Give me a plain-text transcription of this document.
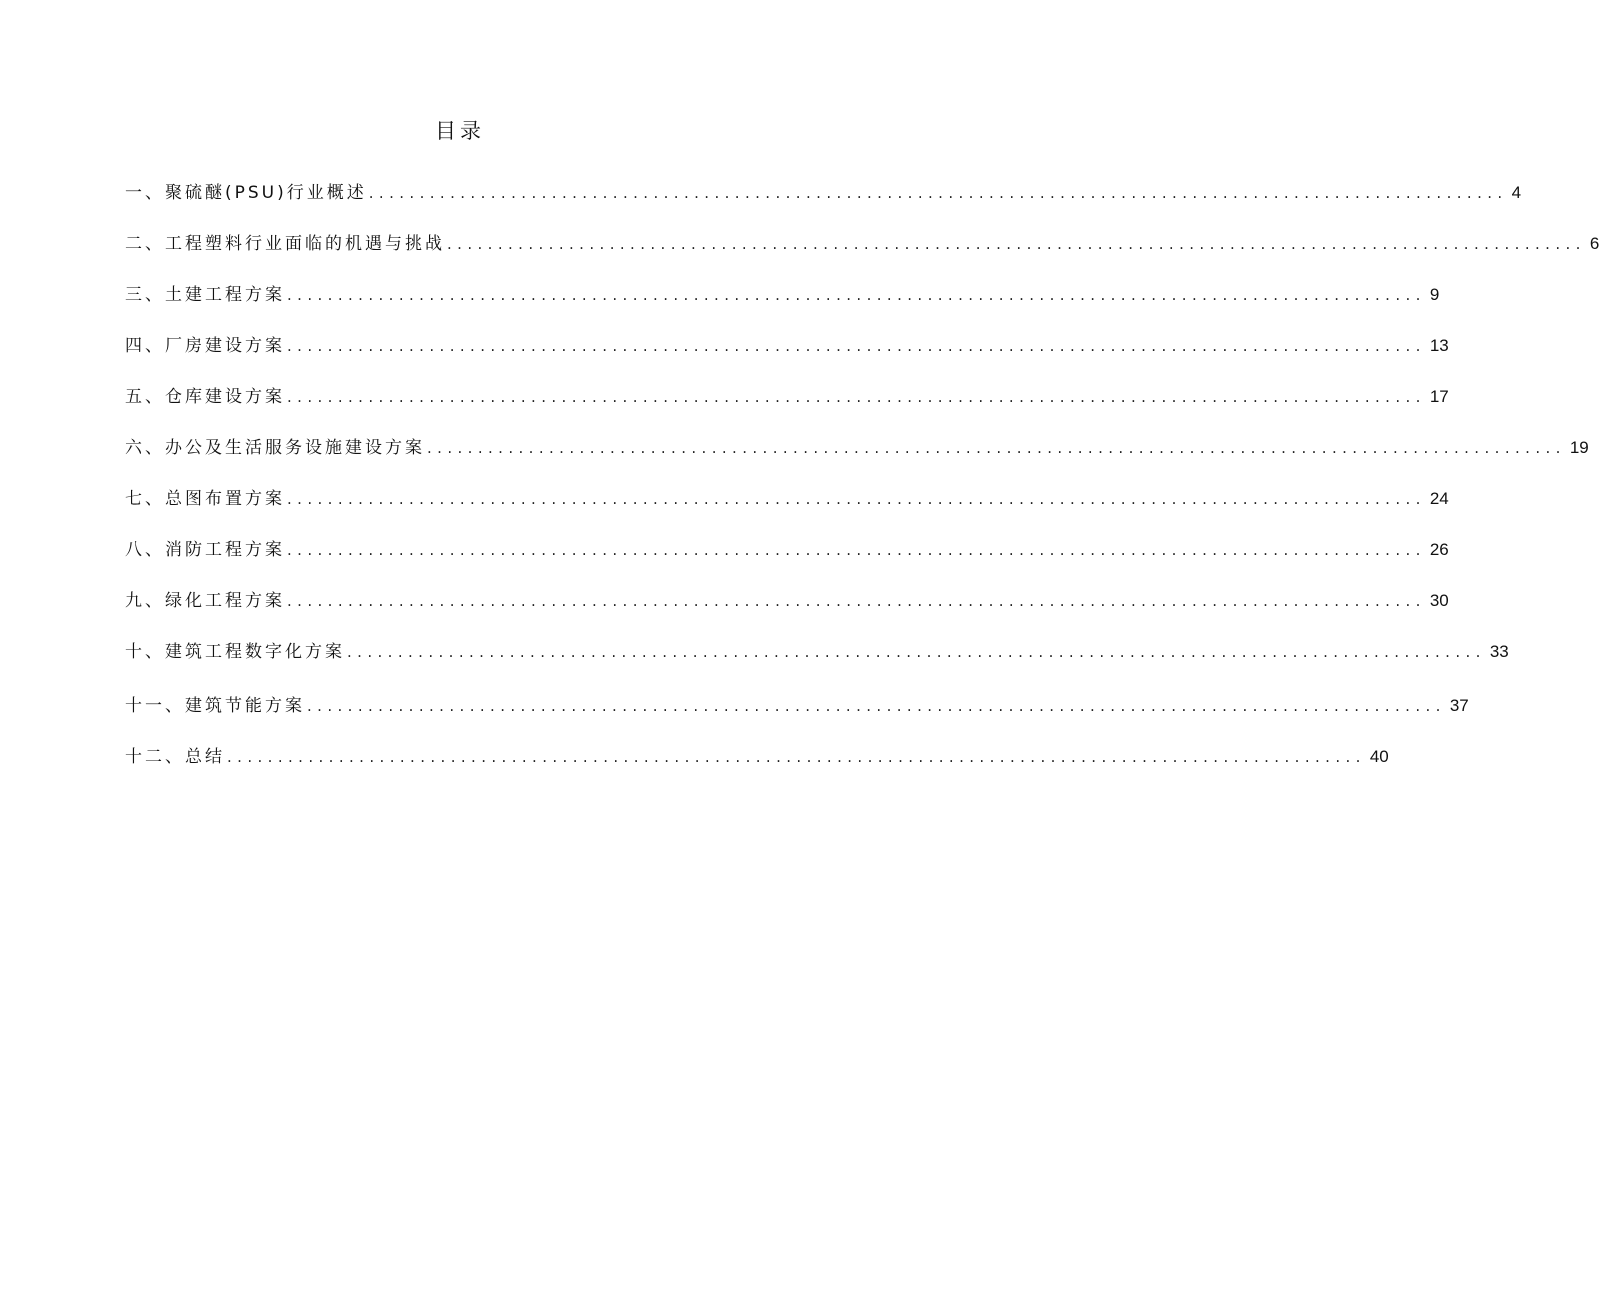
目录
一、聚硫醚(PSU)行业概述 ................................................................................................................ 4
二、工程塑料行业面临的机遇与挑战 ................................................................................................................ 6
三、土建工程方案 ................................................................................................................ 9
四、厂房建设方案 ................................................................................................................ 13
五、仓库建设方案 ................................................................................................................ 17
六、办公及生活服务设施建设方案 ................................................................................................................ 19
七、总图布置方案 ................................................................................................................ 24
八、消防工程方案 ................................................................................................................ 26
九、绿化工程方案 ................................................................................................................ 30
十、建筑工程数字化方案 ................................................................................................................ 33
十一、建筑节能方案 ................................................................................................................ 37
十二、总结 ................................................................................................................ 40
